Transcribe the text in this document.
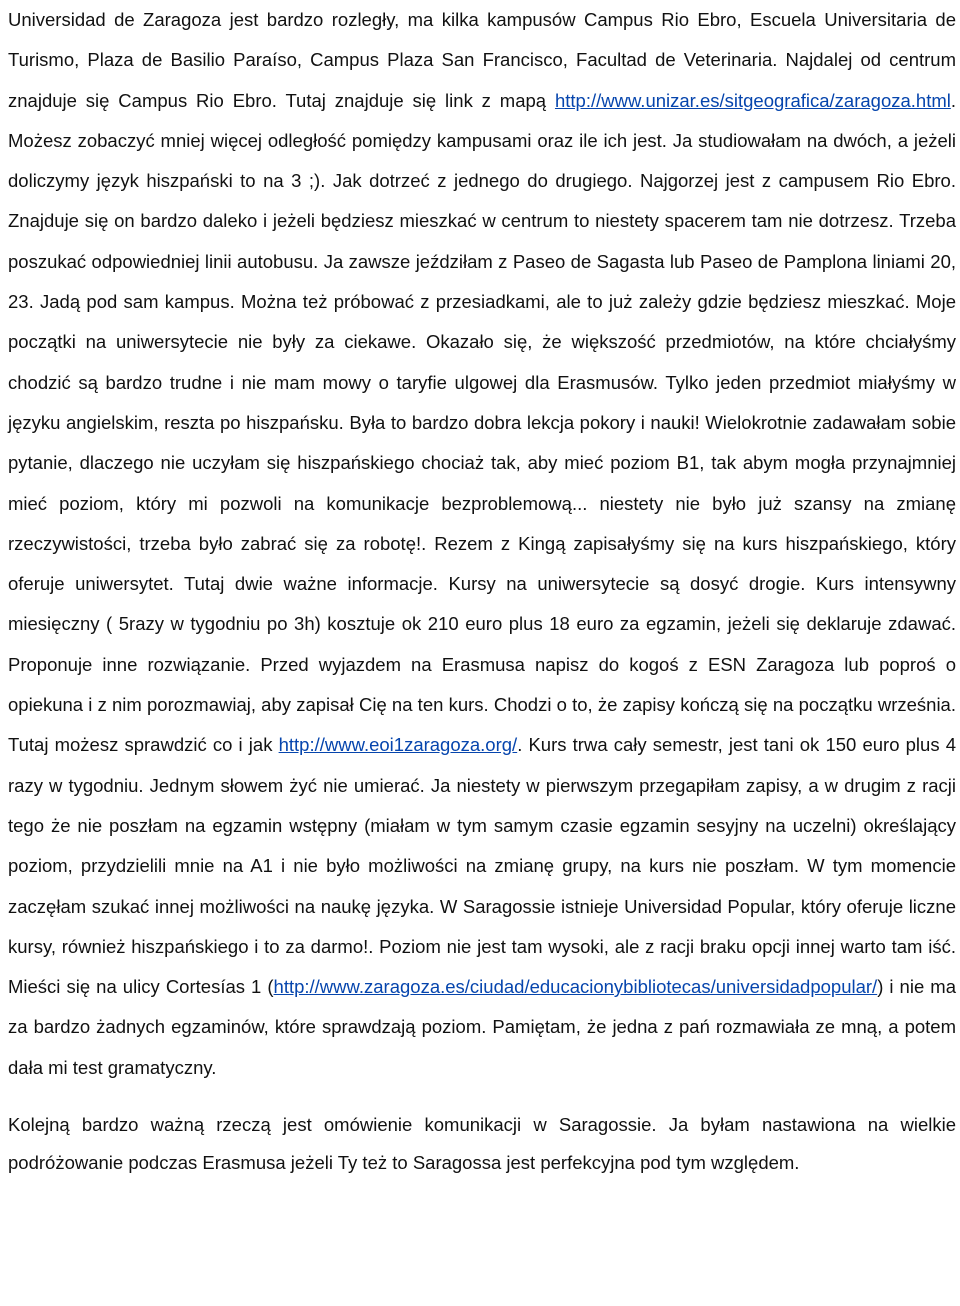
Universidad de Zaragoza jest bardzo rozległy, ma kilka kampusów Campus Rio Ebro, Escuela Universitaria de Turismo, Plaza de Basilio Paraíso, Campus Plaza San Francisco, Facultad de Veterinaria. Najdalej od centrum znajduje się Campus Rio Ebro. Tutaj znajduje się link z mapą http://www.unizar.es/sitgeografica/zaragoza.html. Możesz zobaczyć mniej więcej odległość pomiędzy kampusami oraz ile ich jest. Ja studiowałam na dwóch, a jeżeli doliczymy język hiszpański to na 3 ;). Jak dotrzeć z jednego do drugiego. Najgorzej jest z campusem Rio Ebro. Znajduje się on bardzo daleko i jeżeli będziesz mieszkać w centrum to niestety spacerem tam nie dotrzesz. Trzeba poszukać odpowiedniej linii autobusu. Ja zawsze jeździłam z Paseo de Sagasta lub Paseo de Pamplona liniami 20, 23. Jadą pod sam kampus. Można też próbować z przesiadkami, ale to już zależy gdzie będziesz mieszkać. Moje początki na uniwersytecie nie były za ciekawe. Okazało się, że większość przedmiotów, na które chciałyśmy chodzić są bardzo trudne i nie mam mowy o taryfie ulgowej dla Erasmusów. Tylko jeden przedmiot miałyśmy w języku angielskim, reszta po hiszpańsku. Była to bardzo dobra lekcja pokory i nauki! Wielokrotnie zadawałam sobie pytanie, dlaczego nie uczyłam się hiszpańskiego chociaż tak, aby mieć poziom B1, tak abym mogła przynajmniej mieć poziom, który mi pozwoli na komunikacje bezproblemową... niestety nie było już szansy na zmianę rzeczywistości, trzeba było zabrać się za robotę!. Rezem z Kingą zapisałyśmy się na kurs hiszpańskiego, który oferuje uniwersytet. Tutaj dwie ważne informacje. Kursy na uniwersytecie są dosyć drogie. Kurs intensywny miesięczny ( 5razy w tygodniu po 3h) kosztuje ok 210 euro plus 18 euro za egzamin, jeżeli się deklaruje zdawać. Proponuje inne rozwiązanie. Przed wyjazdem na Erasmusa napisz do kogoś z ESN Zaragoza lub poproś o opiekuna i z nim porozmawiaj, aby zapisał Cię na ten kurs. Chodzi o to, że zapisy kończą się na początku września. Tutaj możesz sprawdzić co i jak http://www.eoi1zaragoza.org/. Kurs trwa cały semestr, jest tani ok 150 euro plus 4 razy w tygodniu. Jednym słowem żyć nie umierać. Ja niestety w pierwszym przegapiłam zapisy, a w drugim z racji tego że nie poszłam na egzamin wstępny (miałam w tym samym czasie egzamin sesyjny na uczelni) określający poziom, przydzielili mnie na A1 i nie było możliwości na zmianę grupy, na kurs nie poszłam. W tym momencie zaczęłam szukać innej możliwości na naukę języka. W Saragossie istnieje Universidad Popular, który oferuje liczne kursy, również hiszpańskiego i to za darmo!. Poziom nie jest tam wysoki, ale z racji braku opcji innej warto tam iść. Mieści się na ulicy Cortesías 1 (http://www.zaragoza.es/ciudad/educacionybibliotecas/universidadpopular/) i nie ma za bardzo żadnych egzaminów, które sprawdzają poziom. Pamiętam, że jedna z pań rozmawiała ze mną, a potem dała mi test gramatyczny.

Kolejną bardzo ważną rzeczą jest omówienie komunikacji w Saragossie. Ja byłam nastawiona na wielkie podróżowanie podczas Erasmusa jeżeli Ty też to Saragossa jest perfekcyjna pod tym względem.
